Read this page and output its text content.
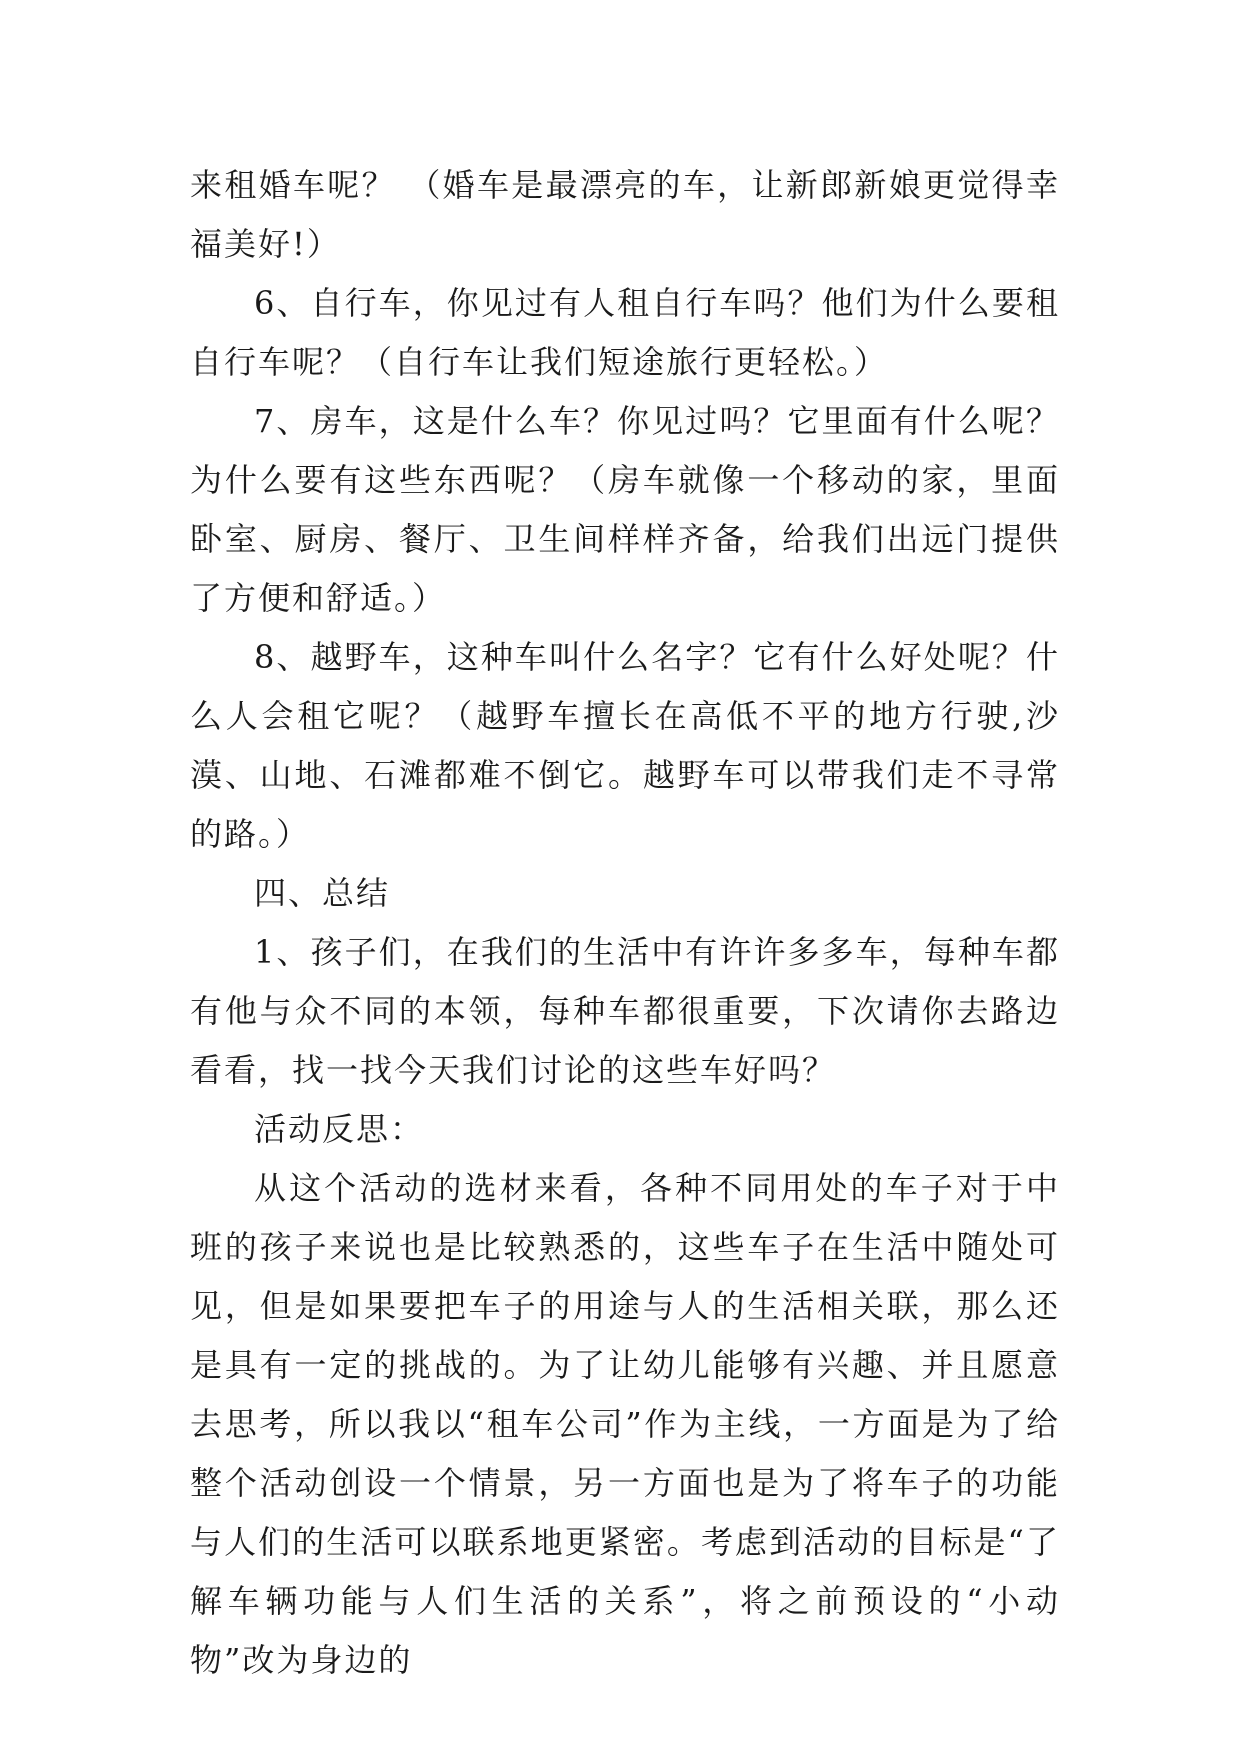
来租婚车呢？ （婚车是最漂亮的车，让新郎新娘更觉得幸福美好!）

6、自行车，你见过有人租自行车吗？他们为什么要租自行车呢？（自行车让我们短途旅行更轻松。）

7、房车，这是什么车？你见过吗？它里面有什么呢？为什么要有这些东西呢？（房车就像一个移动的家，里面卧室、厨房、餐厅、卫生间样样齐备，给我们出远门提供了方便和舒适。）

8、越野车，这种车叫什么名字？它有什么好处呢？什么人会租它呢？（越野车擅长在高低不平的地方行驶,沙漠、山地、石滩都难不倒它。越野车可以带我们走不寻常的路。）

四、总结

1、孩子们，在我们的生活中有许许多多车，每种车都有他与众不同的本领，每种车都很重要，下次请你去路边看看，找一找今天我们讨论的这些车好吗？

活动反思：

从这个活动的选材来看，各种不同用处的车子对于中班的孩子来说也是比较熟悉的，这些车子在生活中随处可见，但是如果要把车子的用途与人的生活相关联，那么还是具有一定的挑战的。为了让幼儿能够有兴趣、并且愿意去思考，所以我以“租车公司”作为主线，一方面是为了给整个活动创设一个情景，另一方面也是为了将车子的功能与人们的生活可以联系地更紧密。考虑到活动的目标是“了解车辆功能与人们生活的关系”，将之前预设的“小动物”改为身边的
